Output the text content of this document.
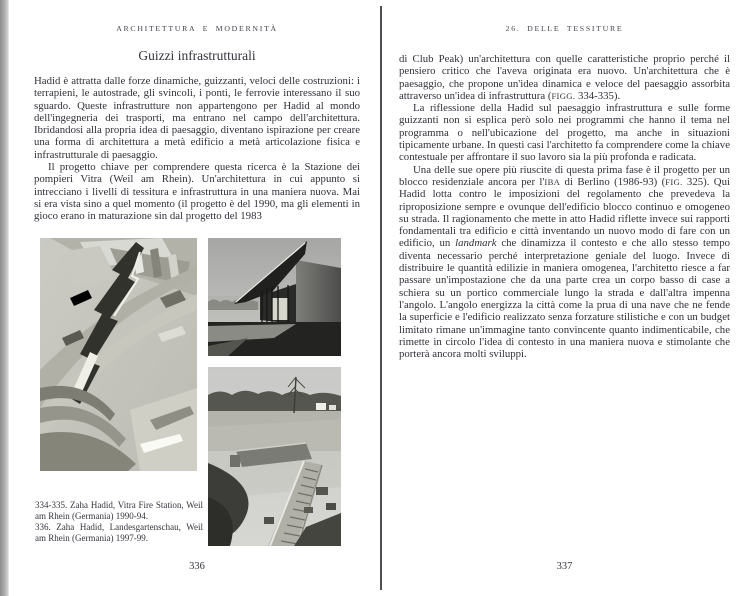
ARCHITETTURA E MODERNITÀ
Guizzi infrastrutturali

Hadid è attratta dalle forze dinamiche, guizzanti, veloci delle costruzioni: i terrapieni, le autostrade, gli svincoli, i ponti, le ferrovie interessano il suo sguardo. Queste infrastrutture non appartengono per Hadid al mondo dell'ingegneria dei trasporti, ma entrano nel campo dell'architettura. Ibridandosi alla propria idea di paesaggio, diventano ispirazione per creare una forma di architettura a metà edificio a metà articolazione fisica e infrastrutturale di paesaggio.

Il progetto chiave per comprendere questa ricerca è la Stazione dei pompieri Vitra (Weil am Rhein). Un'architettura in cui appunto si intrecciano i livelli di tessitura e infrastruttura in una maniera nuova. Mai si era vista sino a quel momento (il progetto è del 1990, ma gli elementi in gioco erano in maturazione sin dal progetto del 1983

334-335. Zaha Hadid, Vitra Fire Station, Weil am Rhein (Germania) 1990-94.

336. Zaha Hadid, Landesgartenschau, Weil am Rhein (Germania) 1997-99.

336
26. DELLE TESSITURE

di Club Peak) un'architettura con quelle caratteristiche proprio perché il pensiero critico che l'aveva originata era nuovo. Un'architettura che è paesaggio, che propone un'idea dinamica e veloce del paesaggio assorbita attraverso un'idea di infrastruttura (FIGG. 334-335).

La riflessione della Hadid sul paesaggio infrastruttura e sulle forme guizzanti non si esplica però solo nei programmi che hanno il tema nel programma o nell'ubicazione del progetto, ma anche in situazioni tipicamente urbane. In questi casi l'architetto fa comprendere come la chiave contestuale per affrontare il suo lavoro sia la più profonda e radicata.

Una delle sue opere più riuscite di questa prima fase è il progetto per un blocco residenziale ancora per l'IBA di Berlino (1986-93) (FIG. 325). Qui Hadid lotta contro le imposizioni del regolamento che prevedeva la riproposizione sempre e ovunque dell'edificio blocco continuo e omogeneo su strada. Il ragionamento che mette in atto Hadid riflette invece sui rapporti fondamentali tra edificio e città inventando un nuovo modo di fare con un edificio, un landmark che dinamizza il contesto e che allo stesso tempo diventa necessario perché interpretazione geniale del luogo. Invece di distribuire le quantità edilizie in maniera omogenea, l'architetto riesce a far passare un'impostazione che da una parte crea un corpo basso di case a schiera su un portico commerciale lungo la strada e dall'altra impenna l'angolo. L'angolo energizza la città come la prua di una nave che ne fende la superficie e l'edificio realizzato senza forzature stilistiche e con un budget limitato rimane un'immagine tanto convincente quanto indimenticabile, che rimette in circolo l'idea di contesto in una maniera nuova e stimolante che porterà ancora molti sviluppi.

337
